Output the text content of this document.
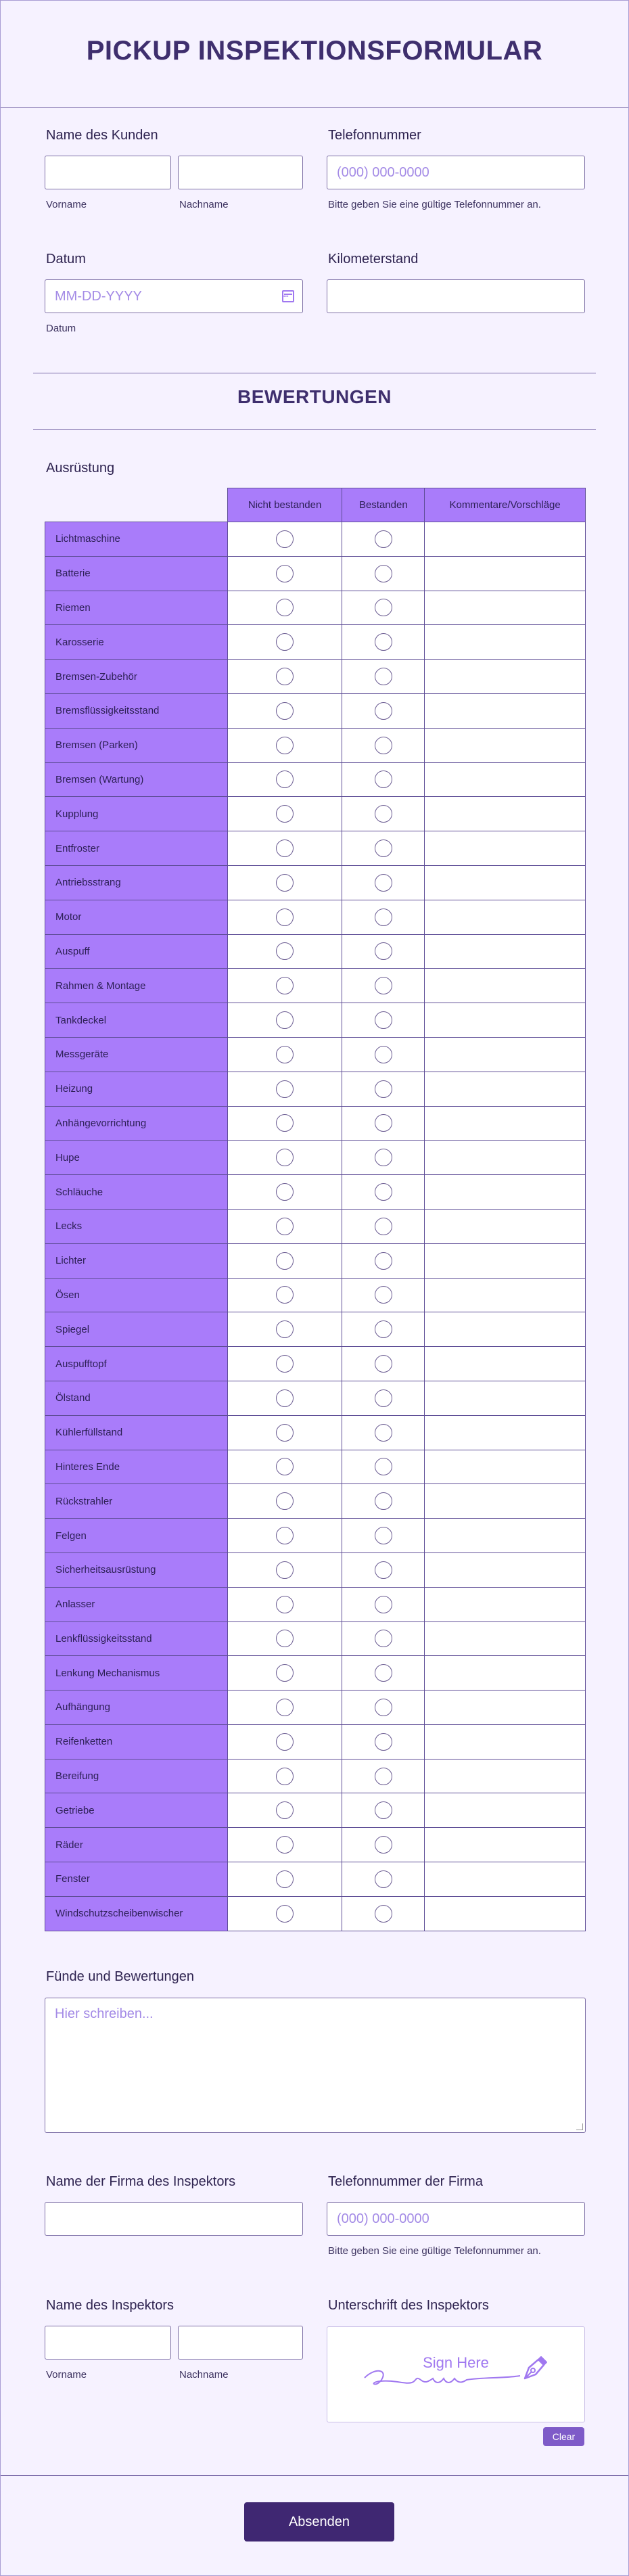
PICKUP INSPEKTIONSFORMULAR
Name des Kunden
Vorname	Nachname
Telefonnummer
(000) 000-0000
Bitte geben Sie eine gültige Telefonnummer an.
Datum
MM-DD-YYYY
▪▪▪
Datum
Kilometerstand
BEWERTUNGEN
Ausrüstung
	Nicht bestanden	Bestanden	Kommentare/Vorschläge
Lichtmaschine			
Batterie			
Riemen			
Karosserie			
Bremsen-Zubehör			
Bremsflüssigkeitsstand			
Bremsen (Parken)			
Bremsen (Wartung)			
Kupplung			
Entfroster			
Antriebsstrang			
Motor			
Auspuff			
Rahmen & Montage			
Tankdeckel			
Messgeräte			
Heizung			
Anhängevorrichtung			
Hupe			
Schläuche			
Lecks			
Lichter			
Ösen			
Spiegel			
Auspufftopf			
Ölstand			
Kühlerfüllstand			
Hinteres Ende			
Rückstrahler			
Felgen			
Sicherheitsausrüstung			
Anlasser			
Lenkflüssigkeitsstand			
Lenkung Mechanismus			
Aufhängung			
Reifenketten			
Bereifung			
Getriebe			
Räder			
Fenster			
Windschutzscheibenwischer			
Fünde und Bewertungen
Hier schreiben...
Name der Firma des Inspektors	Telefonnummer der Firma
(000) 000-0000
Bitte geben Sie eine gültige Telefonnummer an.
Name des Inspektors
Vorname	Nachname
Unterschrift des Inspektors
Sign Here
Clear
Absenden
